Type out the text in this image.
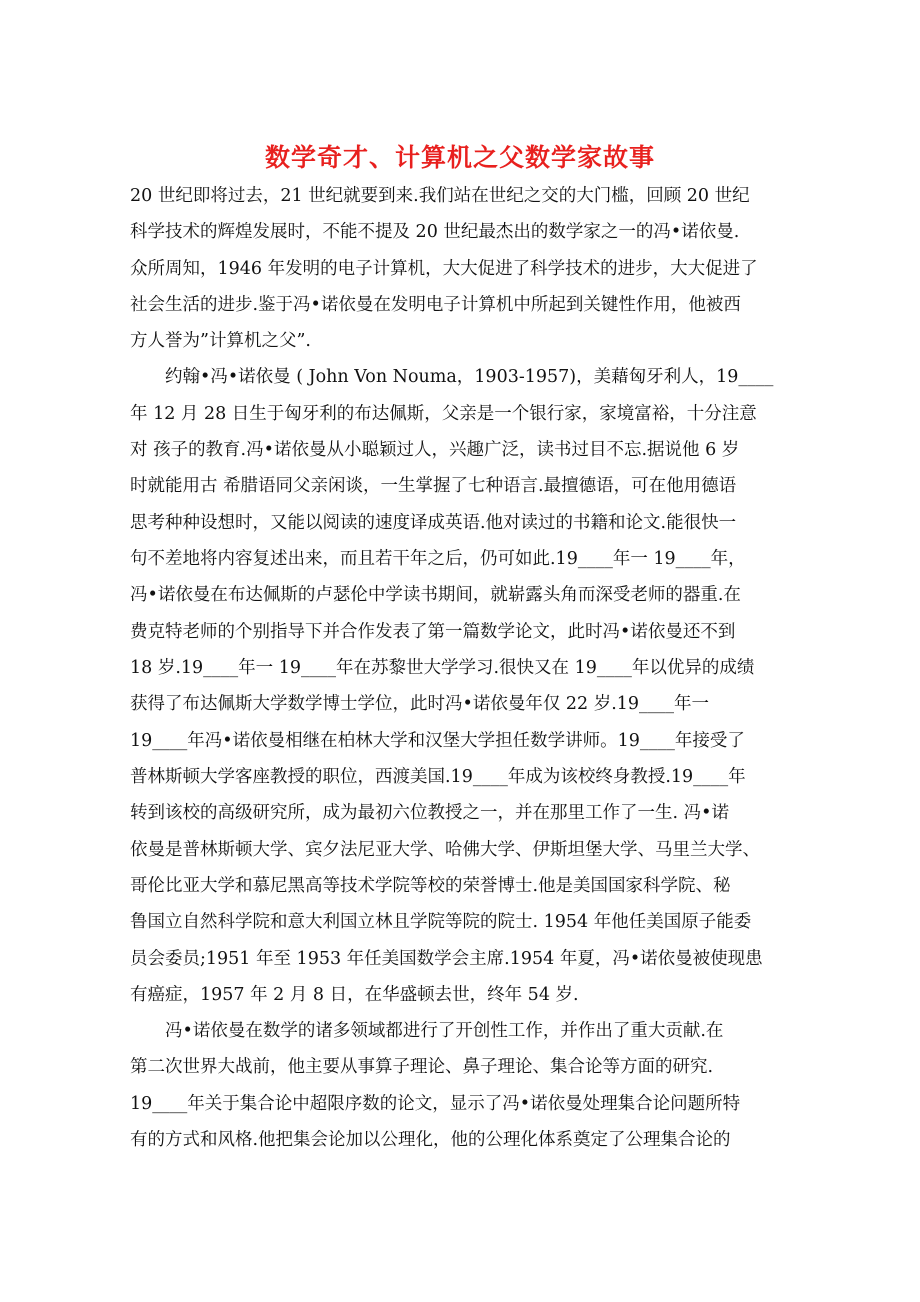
数学奇才、计算机之父数学家故事
20 世纪即将过去，21 世纪就要到来.我们站在世纪之交的大门槛，回顾 20 世纪
科学技术的辉煌发展时，不能不提及 20 世纪最杰出的数学家之一的冯•诺依曼.
众所周知，1946 年发明的电子计算机，大大促进了科学技术的进步，大大促进了
社会生活的进步.鉴于冯•诺依曼在发明电子计算机中所起到关键性作用，他被西
方人誉为”计算机之父”.
　　约翰•冯•诺依曼 ( John Von Nouma，1903-1957)，美藉匈牙利人，19____
年 12 月 28 日生于匈牙利的布达佩斯，父亲是一个银行家，家境富裕，十分注意
对 孩子的教育.冯•诺依曼从小聪颖过人，兴趣广泛，读书过目不忘.据说他 6 岁
时就能用古 希腊语同父亲闲谈，一生掌握了七种语言.最擅德语，可在他用德语
思考种种设想时，又能以阅读的速度译成英语.他对读过的书籍和论文.能很快一
句不差地将内容复述出来，而且若干年之后，仍可如此.19____年一 19____年，
冯•诺依曼在布达佩斯的卢瑟伦中学读书期间，就崭露头角而深受老师的器重.在
费克特老师的个别指导下并合作发表了第一篇数学论文，此时冯•诺依曼还不到
18 岁.19____年一 19____年在苏黎世大学学习.很快又在 19____年以优异的成绩
获得了布达佩斯大学数学博士学位，此时冯•诺依曼年仅 22 岁.19____年一
19____年冯•诺依曼相继在柏林大学和汉堡大学担任数学讲师。19____年接受了
普林斯顿大学客座教授的职位，西渡美国.19____年成为该校终身教授.19____年
转到该校的高级研究所，成为最初六位教授之一，并在那里工作了一生. 冯•诺
依曼是普林斯顿大学、宾夕法尼亚大学、哈佛大学、伊斯坦堡大学、马里兰大学、
哥伦比亚大学和慕尼黑高等技术学院等校的荣誉博士.他是美国国家科学院、秘
鲁国立自然科学院和意大利国立林且学院等院的院士. 1954 年他任美国原子能委
员会委员;1951 年至 1953 年任美国数学会主席.1954 年夏，冯•诺依曼被使现患
有癌症，1957 年 2 月 8 日，在华盛顿去世，终年 54 岁.
　　冯•诺依曼在数学的诸多领域都进行了开创性工作，并作出了重大贡献.在
第二次世界大战前，他主要从事算子理论、鼻子理论、集合论等方面的研究.
19____年关于集合论中超限序数的论文，显示了冯•诺依曼处理集合论问题所特
有的方式和风格.他把集会论加以公理化，他的公理化体系奠定了公理集合论的
